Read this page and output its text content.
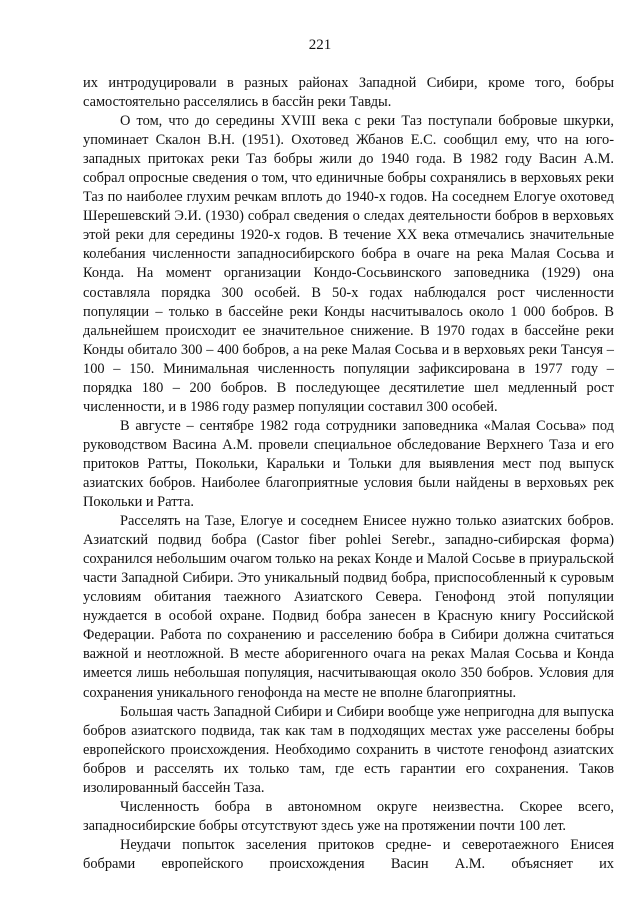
221

их интродуцировали в разных районах Западной Сибири, кроме того, бобры самостоятельно расселялись в бассйн реки Тавды.

О том, что до середины XVIII века с реки Таз поступали бобровые шкурки, упоминает Скалон В.Н. (1951). Охотовед Жбанов Е.С. сообщил ему, что на юго-западных притоках реки Таз бобры жили до 1940 года. В 1982 году Васин А.М. собрал опросные сведения о том, что единичные бобры сохранялись в верховьях реки Таз по наиболее глухим речкам вплоть до 1940-х годов. На соседнем Елогуе охотовед Шерешевский Э.И. (1930) собрал сведения о следах деятельности бобров в верховьях этой реки для середины 1920-х годов. В течение XX века отмечались значительные колебания численности западносибирского бобра в очаге на река Малая Сосьва и Конда. На момент организации Кондо-Сосьвинского заповедника (1929) она составляла порядка 300 особей. В 50-х годах наблюдался рост численности популяции – только в бассейне реки Конды насчитывалось около 1 000 бобров. В дальнейшем происходит ее значительное снижение. В 1970 годах в бассейне реки Конды обитало 300 – 400 бобров, а на реке Малая Сосьва и в верховьях реки Тансуя – 100 – 150. Минимальная численность популяции зафиксирована в 1977 году – порядка 180 – 200 бобров. В последующее десятилетие шел медленный рост численности, и в 1986 году размер популяции составил 300 особей.

В августе – сентябре 1982 года сотрудники заповедника «Малая Сосьва» под руководством Васина А.М. провели специальное обследование Верхнего Таза и его притоков Ратты, Покольки, Каральки и Тольки для выявления мест под выпуск азиатских бобров. Наиболее благоприятные условия были найдены в верховьях рек Покольки и Ратта.

Расселять на Тазе, Елогуе и соседнем Енисее нужно только азиатских бобров. Азиатский подвид бобра (Castor fiber pohlei Serebr., западно-сибирская форма) сохранился небольшим очагом только на реках Конде и Малой Сосьве в приуральской части Западной Сибири. Это уникальный подвид бобра, приспособленный к суровым условиям обитания таежного Азиатского Севера. Генофонд этой популяции нуждается в особой охране. Подвид бобра занесен в Красную книгу Российской Федерации. Работа по сохранению и расселению бобра в Сибири должна считаться важной и неотложной. В месте аборигенного очага на реках Малая Сосьва и Конда имеется лишь небольшая популяция, насчитывающая около 350 бобров. Условия для сохранения уникального генофонда на месте не вполне благоприятны.

Большая часть Западной Сибири и Сибири вообще уже непригодна для выпуска бобров азиатского подвида, так как там в подходящих местах уже расселены бобры европейского происхождения. Необходимо сохранить в чистоте генофонд азиатских бобров и расселять их только там, где есть гарантии его сохранения. Таков изолированный бассейн Таза.

Численность бобра в автономном округе неизвестна. Скорее всего, западносибирские бобры отсутствуют здесь уже на протяжении почти 100 лет.

Неудачи попыток заселения притоков средне- и северотаежного Енисея бобрами европейского происхождения Васин А.М. объясняет их
